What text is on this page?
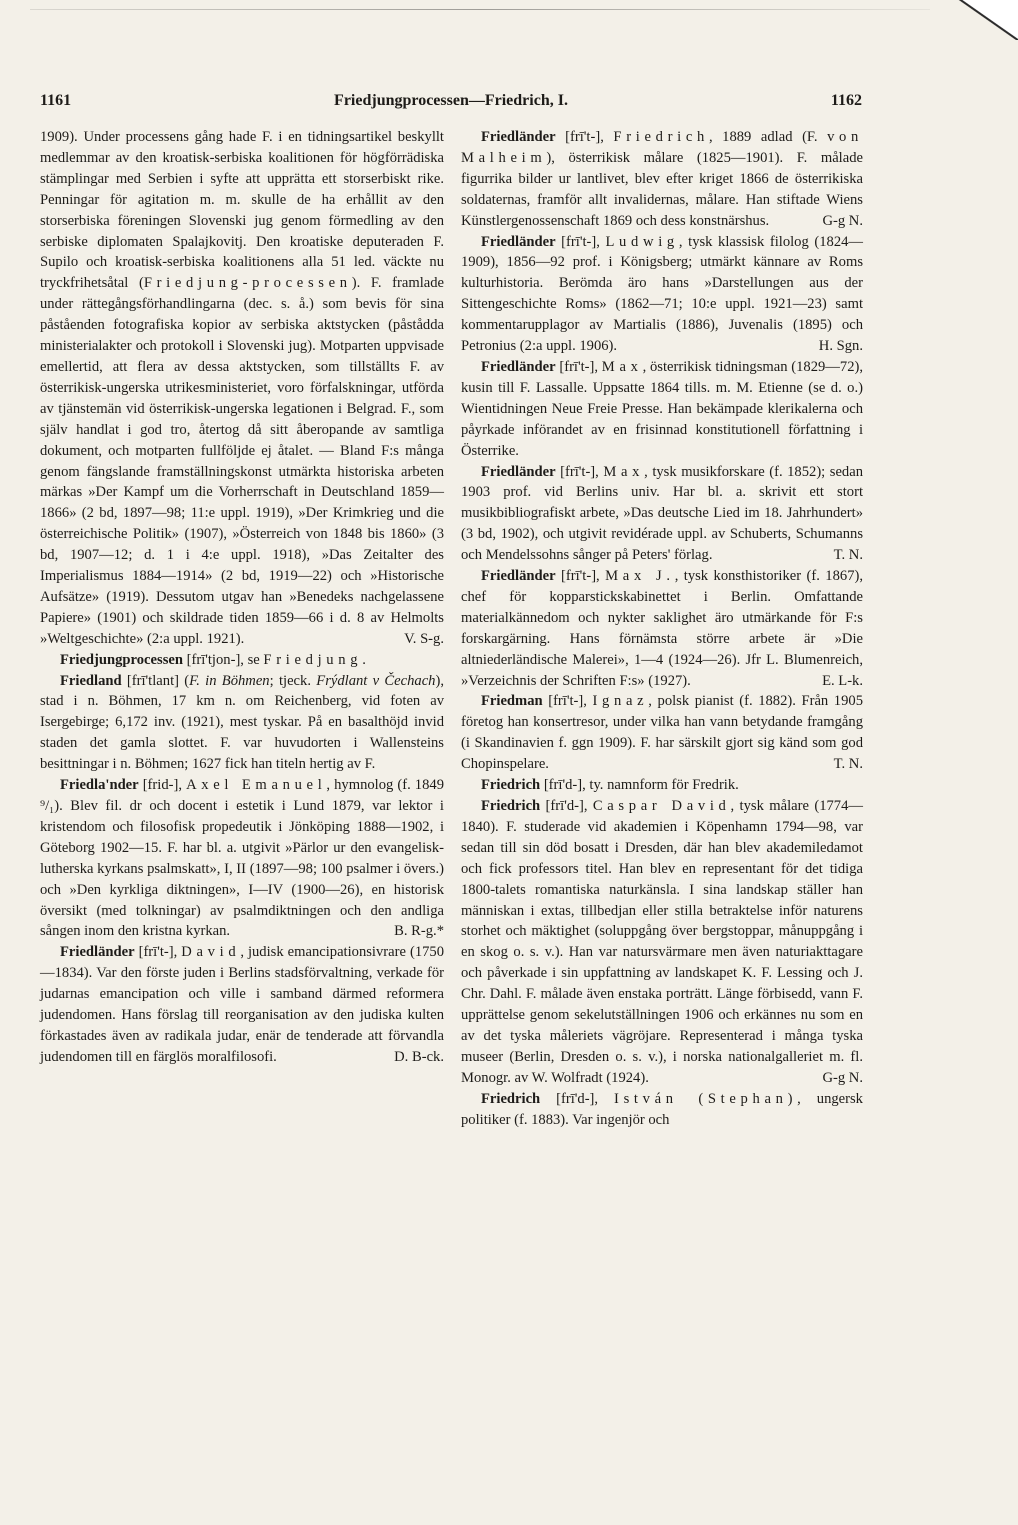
1161	Friedjungprocessen—Friedrich, I.	1162

1909). Under processens gång hade F. i en tidningsartikel beskyllt medlemmar av den kroatisk-serbiska koalitionen för högförrädiska stämplingar med Serbien i syfte att upprätta ett storserbiskt rike. Penningar för agitation m. m. skulle de ha erhållit av den storserbiska föreningen Slovenski jug genom förmedling av den serbiske diplomaten Spalajkovitj. Den kroatiske deputeraden F. Supilo och kroatisk-serbiska koalitionens alla 51 led. väckte nu tryckfrihetsåtal (Friedjung-processen). F. framlade under rättegångsförhandlingarna (dec. s. å.) som bevis för sina påståenden fotografiska kopior av serbiska aktstycken (påstådda ministerialakter och protokoll i Slovenski jug). Motparten uppvisade emellertid, att flera av dessa aktstycken, som tillställts F. av österrikisk-ungerska utrikesministeriet, voro förfalskningar, utförda av tjänstemän vid österrikisk-ungerska legationen i Belgrad. F., som själv handlat i god tro, återtog då sitt åberopande av samtliga dokument, och motparten fullföljde ej åtalet. — Bland F:s många genom fängslande framställningskonst utmärkta historiska arbeten märkas »Der Kampf um die Vorherrschaft in Deutschland 1859—1866» (2 bd, 1897—98; 11:e uppl. 1919), »Der Krimkrieg und die österreichische Politik» (1907), »Österreich von 1848 bis 1860» (3 bd, 1907—12; d. 1 i 4:e uppl. 1918), »Das Zeitalter des Imperialismus 1884—1914» (2 bd, 1919—22) och »Historische Aufsätze» (1919). Dessutom utgav han »Benedeks nachgelassene Papiere» (1901) och skildrade tiden 1859—66 i d. 8 av Helmolts »Weltgeschichte» (2:a uppl. 1921).	V. S-g.

Friedjungprocessen [frī'tjon-], se Friedjung.

Friedland [frī'tlant] (F. in Böhmen; tjeck. Frýdlant v Čechach), stad i n. Böhmen, 17 km n. om Reichenberg, vid foten av Isergebirge; 6,172 inv. (1921), mest tyskar. På en basalthöjd invid staden det gamla slottet. F. var huvudorten i Wallensteins besittningar i n. Böhmen; 1627 fick han titeln hertig av F.

Friedla'nder [frid-], Axel Emanuel, hymnolog (f. 1849 ⁹/₁). Blev fil. dr och docent i estetik i Lund 1879, var lektor i kristendom och filosofisk propedeutik i Jönköping 1888—1902, i Göteborg 1902—15. F. har bl. a. utgivit »Pärlor ur den evangelisk-lutherska kyrkans psalmskatt», I, II (1897—98; 100 psalmer i övers.) och »Den kyrkliga diktningen», I—IV (1900—26), en historisk översikt (med tolkningar) av psalmdiktningen och den andliga sången inom den kristna kyrkan.	B. R-g.*

Friedländer [frī't-], David, judisk emancipationsivrare (1750—1834). Var den förste juden i Berlins stadsförvaltning, verkade för judarnas emancipation och ville i samband därmed reformera judendomen. Hans förslag till reorganisation av den judiska kulten förkastades även av radikala judar, enär de tenderade att förvandla judendomen till en färglös moralfilosofi.	D. B-ck.

Friedländer [frī't-], Friedrich, 1889 adlad (F. von Malheim), österrikisk målare (1825—1901). F. målade figurrika bilder ur lantlivet, blev efter kriget 1866 de österrikiska soldaternas, framför allt invalidernas, målare. Han stiftade Wiens Künstlergenossenschaft 1869 och dess konstnärshus.	G-g N.

Friedländer [frī't-], Ludwig, tysk klassisk filolog (1824—1909), 1856—92 prof. i Königsberg; utmärkt kännare av Roms kulturhistoria. Berömda äro hans »Darstellungen aus der Sittengeschichte Roms» (1862—71; 10:e uppl. 1921—23) samt kommentarupplagor av Martialis (1886), Juvenalis (1895) och Petronius (2:a uppl. 1906).	H. Sgn.

Friedländer [frī't-], Max, österrikisk tidningsman (1829—72), kusin till F. Lassalle. Uppsatte 1864 tills. m. M. Etienne (se d. o.) Wientidningen Neue Freie Presse. Han bekämpade klerikalerna och påyrkade införandet av en frisinnad konstitutionell författning i Österrike.

Friedländer [frī't-], Max, tysk musikforskare (f. 1852); sedan 1903 prof. vid Berlins univ. Har bl. a. skrivit ett stort musikbibliografiskt arbete, »Das deutsche Lied im 18. Jahrhundert» (3 bd, 1902), och utgivit revidérade uppl. av Schuberts, Schumanns och Mendelssohns sånger på Peters' förlag.	T. N.

Friedländer [frī't-], Max J., tysk konsthistoriker (f. 1867), chef för kopparstickskabinettet i Berlin. Omfattande materialkännedom och nykter saklighet äro utmärkande för F:s forskargärning. Hans förnämsta större arbete är »Die altniederländische Malerei», 1—4 (1924—26). Jfr L. Blumenreich, »Verzeichnis der Schriften F:s» (1927).	E. L-k.

Friedman [frī't-], Ignaz, polsk pianist (f. 1882). Från 1905 företog han konsertresor, under vilka han vann betydande framgång (i Skandinavien f. ggn 1909). F. har särskilt gjort sig känd som god Chopinspelare.	T. N.

Friedrich [frī'd-], ty. namnform för Fredrik.

Friedrich [frī'd-], Caspar David, tysk målare (1774—1840). F. studerade vid akademien i Köpenhamn 1794—98, var sedan till sin död bosatt i Dresden, där han blev akademiledamot och fick professors titel. Han blev en representant för det tidiga 1800-talets romantiska naturkänsla. I sina landskap ställer han människan i extas, tillbedjan eller stilla betraktelse inför naturens storhet och mäktighet (soluppgång över bergstoppar, månuppgång i en skog o. s. v.). Han var natursvärmare men även naturiakttagare och påverkade i sin uppfattning av landskapet K. F. Lessing och J. Chr. Dahl. F. målade även enstaka porträtt. Länge förbisedd, vann F. upprättelse genom sekelutställningen 1906 och erkännes nu som en av det tyska måleriets vägröjare. Representerad i många tyska museer (Berlin, Dresden o. s. v.), i norska nationalgalleriet m. fl. Monogr. av W. Wolfradt (1924).	G-g N.

Friedrich [frī'd-], István (Stephan), ungersk politiker (f. 1883). Var ingenjör och
